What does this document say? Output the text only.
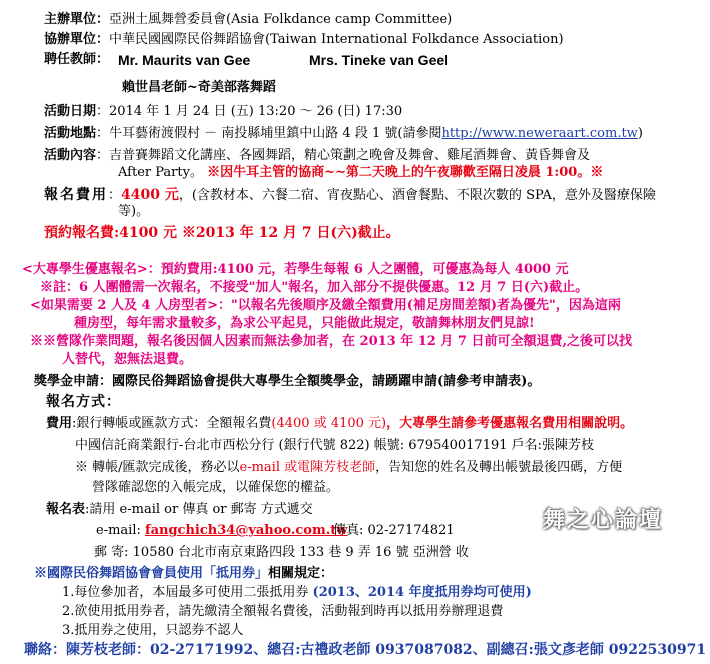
主辦單位：亞洲土風舞營委員會(Asia Folkdance camp Committee)
協辦單位：中華民國國際民俗舞蹈協會(Taiwan International Folkdance Association)
聘任教師： Mr. Maurits van Gee	Mrs. Tineke van Geel
賴世昌老師~奇美部落舞蹈
活動日期：2014 年 1 月 24 日 (五) 13:20 ～ 26 (日) 17:30
活動地點：牛耳藝術渡假村 － 南投縣埔里鎮中山路 4 段 1 號(請參閱http://www.neweraart.com.tw)
活動內容：吉普賽舞蹈文化講座、各國舞蹈，精心策劃之晚會及舞會、雞尾酒舞會、黃昏舞會及
After Party。 ※因牛耳主管的協商~~第二天晚上的午夜聯歡至隔日凌晨 1:00。※
報名費用：4400 元，(含教材本、六餐二宿、宵夜點心、酒會餐點、不限次數的 SPA，意外及醫療保險
等)。
預約報名費:4100 元 ※2013 年 12 月 7 日(六)截止。
<大專學生優惠報名>：預約費用:4100 元，若學生每報 6 人之團體，可優惠為每人 4000 元
※註：6 人團體需一次報名，不接受"加人"報名，加入部分不提供優惠。12 月 7 日(六)截止。
<如果需要 2 人及 4 人房型者>："以報名先後順序及繳全額費用(補足房間差額)者為優先"，因為這兩
種房型，每年需求量較多，為求公平起見，只能做此規定，敬請舞林朋友們見諒!
※※營隊作業問題，報名後因個人因素而無法參加者，在 2013 年 12 月 7 日前可全額退費,之後可以找
人替代，恕無法退費。
獎學金申請：國際民俗舞蹈協會提供大專學生全額獎學金，請踴躍申請(請參考申請表)。
報名方式：
費用:銀行轉帳或匯款方式：全額報名費(4400 或 4100 元)，大專學生請參考優惠報名費用相關說明。
中國信託商業銀行-台北市西松分行 (銀行代號 822) 帳號: 679540017191 戶名:張陳芳枝
※ 轉帳/匯款完成後，務必以e-mail 或電陳芳枝老師，告知您的姓名及轉出帳號最後四碼，方便
營隊確認您的入帳完成，以確保您的權益。
報名表:請用 e-mail or 傳真 or 郵寄 方式遞交
e-mail: fangchich34@yahoo.com.tw
傳真: 02-27174821
郵 寄: 10580 台北市南京東路四段 133 巷 9 弄 16 號 亞洲營 收
※國際民俗舞蹈協會會員使用「抵用券」相關規定：
1.每位參加者，本屆最多可使用二張抵用券 (2013、2014 年度抵用券均可使用)
2.欲使用抵用券者，請先繳清全額報名費後，活動報到時再以抵用券辦理退費
3.抵用券之使用，只認券不認人
聯絡：陳芳枝老師：02-27171992、總召:古禮政老師 0937087082、副總召:張文彥老師 0922530971
舞之心論壇
